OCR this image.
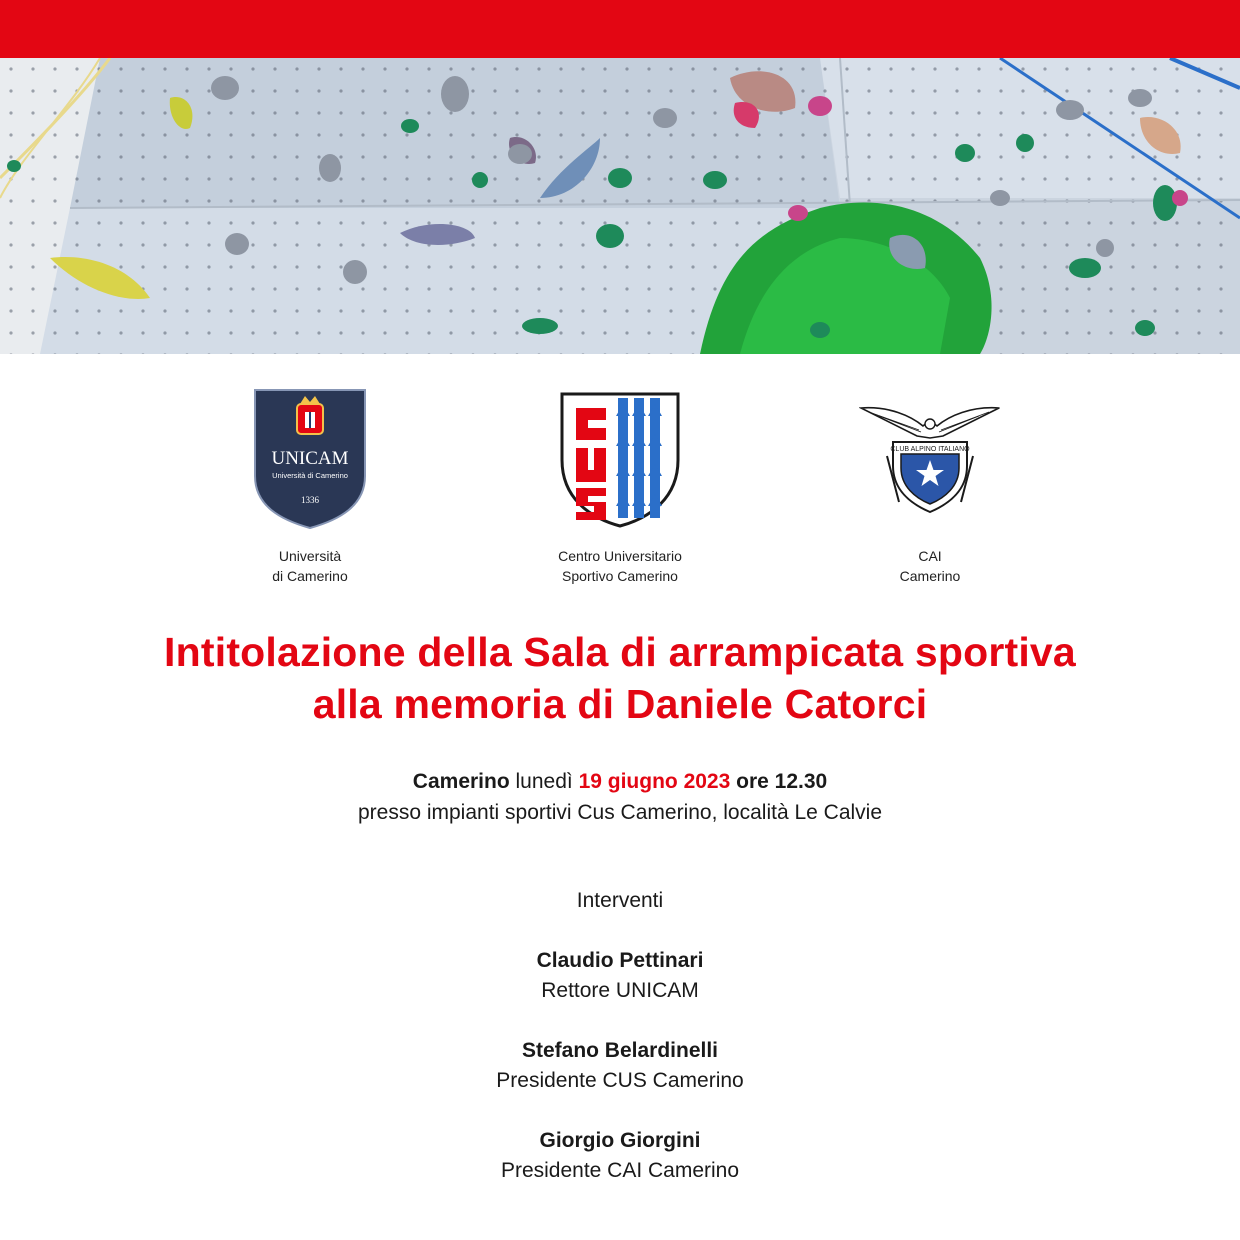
UNICAM
Università di Camerino
1336
Università
di Camerino
CUS
Centro Universitario
Sportivo Camerino
CLUB ALPINO ITALIANO
CAI
Camerino
Intitolazione della Sala di arrampicata sportiva
alla memoria di Daniele Catorci
Camerino lunedì 19 giugno 2023 ore 12.30
presso impianti sportivi Cus Camerino, località Le Calvie
Interventi
Claudio Pettinari
Rettore UNICAM
Stefano Belardinelli
Presidente CUS Camerino
Giorgio Giorgini
Presidente CAI Camerino
